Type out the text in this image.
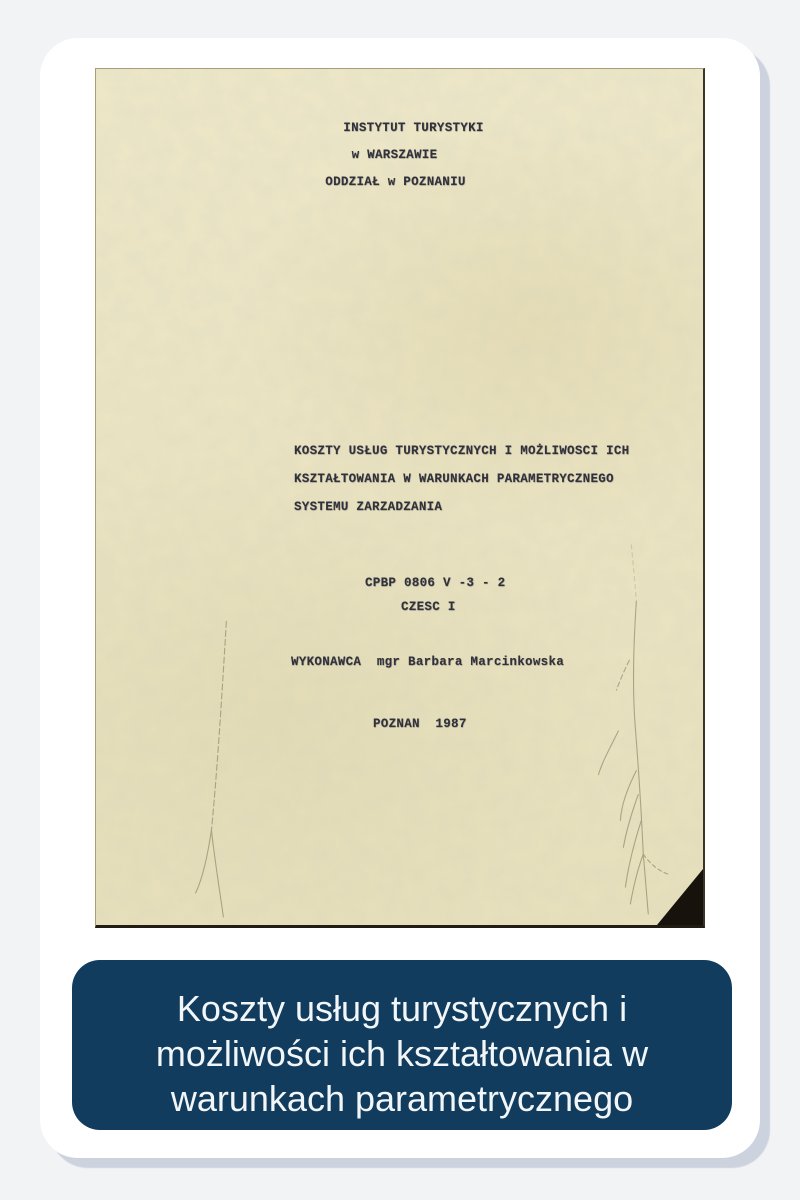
INSTYTUT TURYSTYKI
w WARSZAWIE
ODDZIAŁ w POZNANIU
KOSZTY USŁUG TURYSTYCZNYCH I MOŻLIWOSCI ICH
KSZTAŁTOWANIA W WARUNKACH PARAMETRYCZNEGO
SYSTEMU ZARZADZANIA
CPBP 0806 V -3 - 2
CZESC I
WYKONAWCA  mgr Barbara Marcinkowska
POZNAN  1987
Koszty usług turystycznych i
możliwości ich kształtowania w
warunkach parametrycznego
